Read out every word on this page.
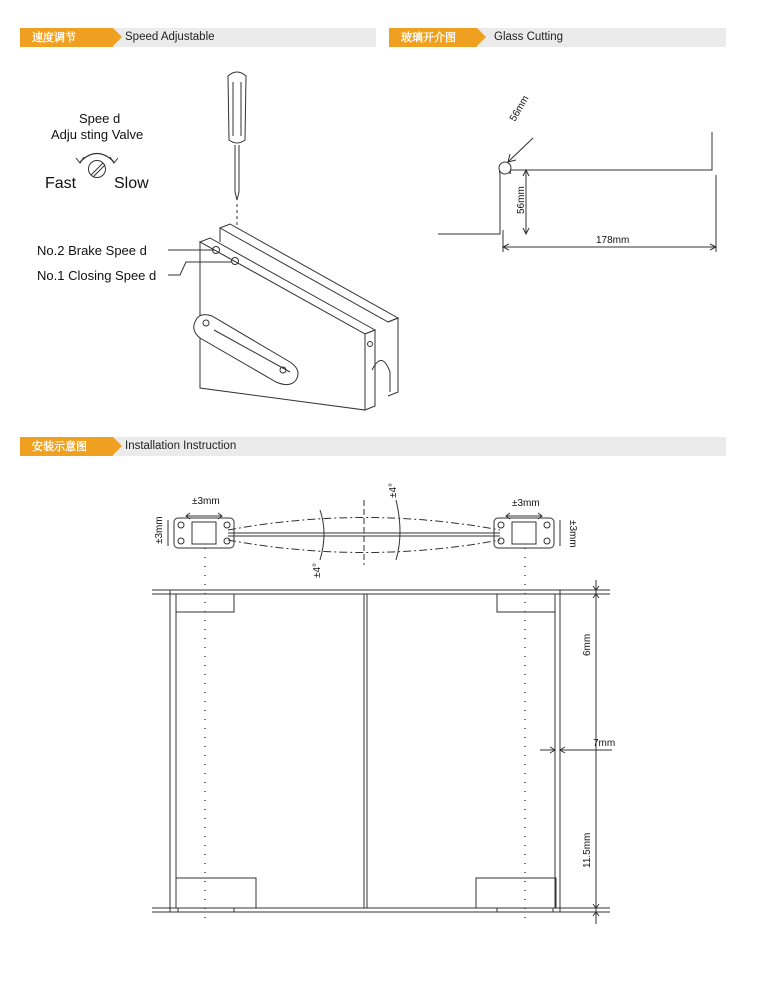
速度调节	Speed Adjustable	玻璃开介图	Glass Cutting
安装示意图	Installation Instruction
Spee d
Adju sting Valve
Fast Slow
No.2 Brake Spee d
No.1 Closing Spee d
56mm
56mm
178mm
±3mm
±3mm
±3mm
±3mm
±4°
±4°
6mm
7mm
11.5mm
